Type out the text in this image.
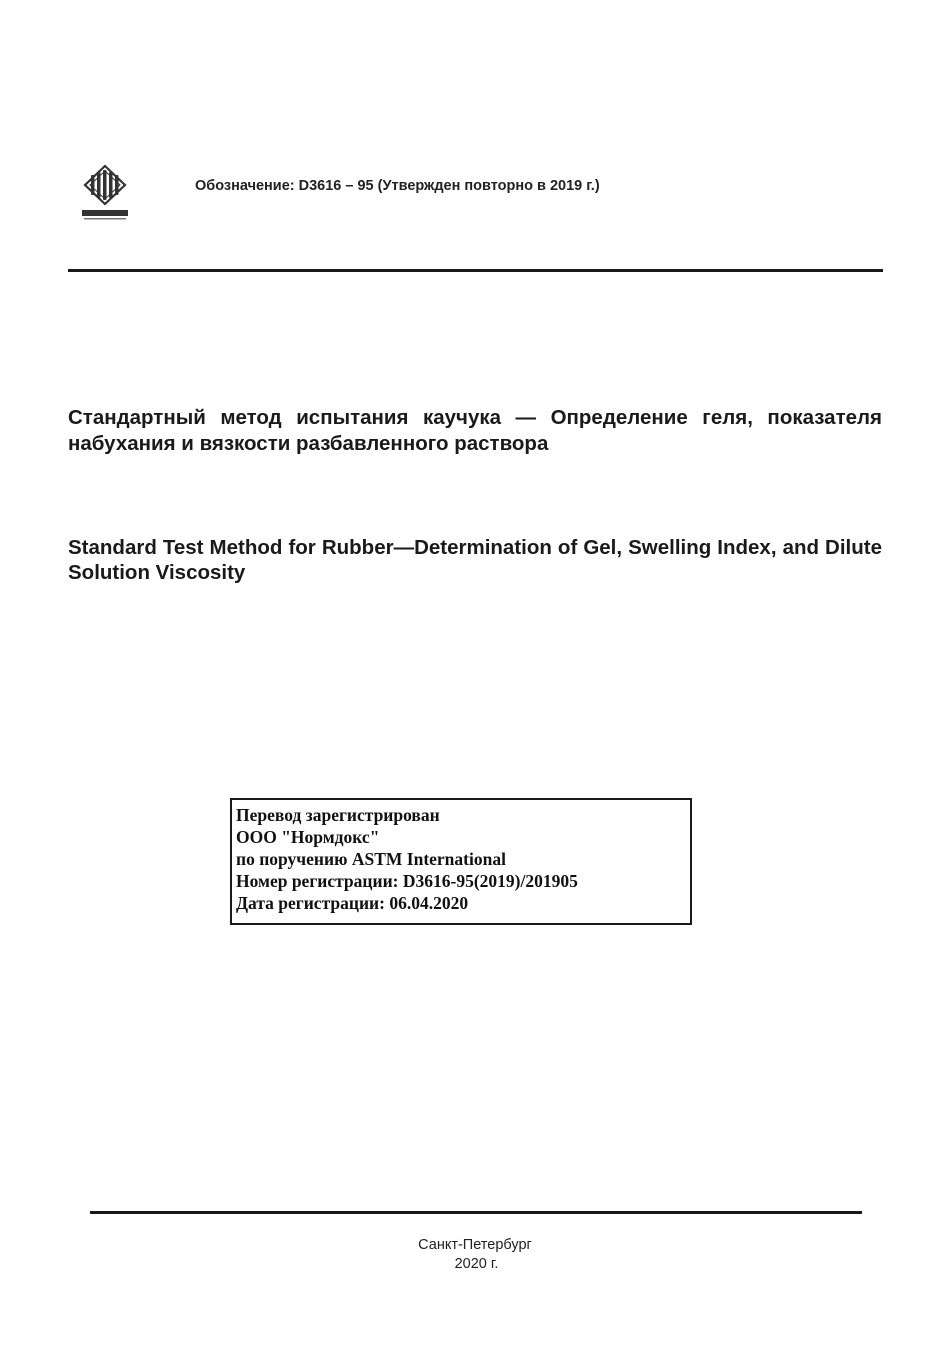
Обозначение: D3616 – 95 (Утвержден повторно в 2019 г.)
Стандартный метод испытания каучука — Определение геля, показателя набухания и вязкости разбавленного раствора
Standard Test Method for Rubber—Determination of Gel, Swelling Index, and Dilute Solution Viscosity
Перевод зарегистрирован
ООО "Нормдокс"
по поручению ASTM International
Номер регистрации: D3616-95(2019)/201905
Дата регистрации: 06.04.2020
Санкт-Петербург
2020 г.
